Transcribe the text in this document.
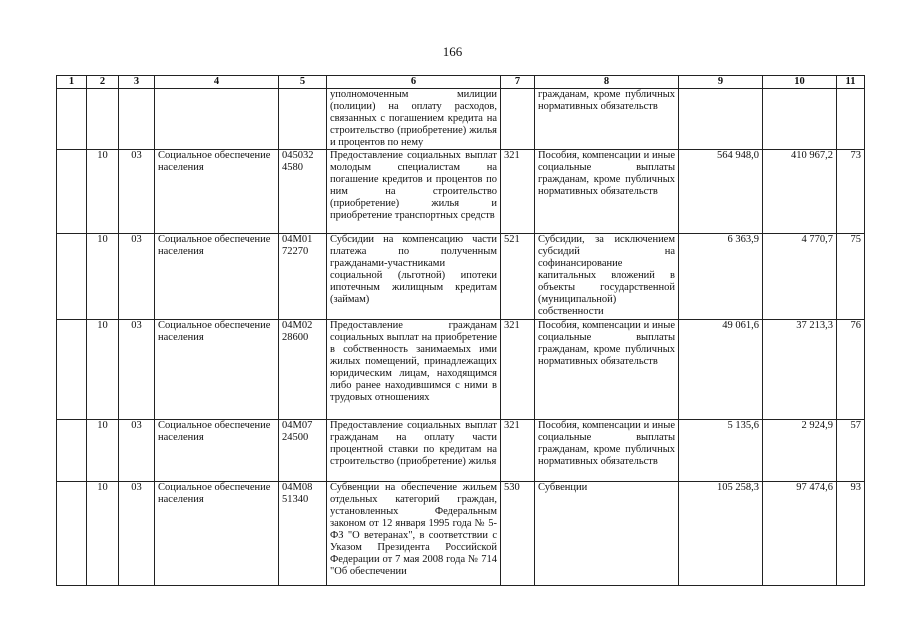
166
1	2	3	4	5	6	7	8	9	10	11
					уполномоченным милиции (полиции) на оплату расходов, связанных с погашением кредита на строительство (приобретение) жилья и процентов по нему		гражданам, кроме публичных нормативных обязательств			
	10	03	Социальное обеспечение населения	045032 4580	Предоставление социальных выплат молодым специалистам на погашение кредитов и процентов по ним на строительство (приобретение) жилья и приобретение транспортных средств	321	Пособия, компенсации и иные социальные выплаты гражданам, кроме публичных нормативных обязательств	564 948,0	410 967,2	73
	10	03	Социальное обеспечение населения	04М01 72270	Субсидии на компенсацию части платежа по полученным гражданами-участниками социальной (льготной) ипотеки ипотечным жилищным кредитам (займам)	521	Субсидии, за исключением субсидий на софинансирование капитальных вложений в объекты государственной (муниципальной) собственности	6 363,9	4 770,7	75
	10	03	Социальное обеспечение населения	04М02 28600	Предоставление гражданам социальных выплат на приобретение в собственность занимаемых ими жилых помещений, принадлежащих юридическим лицам, находящимся либо ранее находившимся с ними в трудовых отношениях	321	Пособия, компенсации и иные социальные выплаты гражданам, кроме публичных нормативных обязательств	49 061,6	37 213,3	76
	10	03	Социальное обеспечение населения	04М07 24500	Предоставление социальных выплат гражданам на оплату части процентной ставки по кредитам на строительство (приобретение) жилья	321	Пособия, компенсации и иные социальные выплаты гражданам, кроме публичных нормативных обязательств	5 135,6	2 924,9	57
	10	03	Социальное обеспечение населения	04М08 51340	Субвенции на обеспечение жильем отдельных категорий граждан, установленных Федеральным законом от 12 января 1995 года № 5-ФЗ "О ветеранах", в соответствии с Указом Президента Российской Федерации от 7 мая 2008 года № 714 "Об обеспечении	530	Субвенции	105 258,3	97 474,6	93
